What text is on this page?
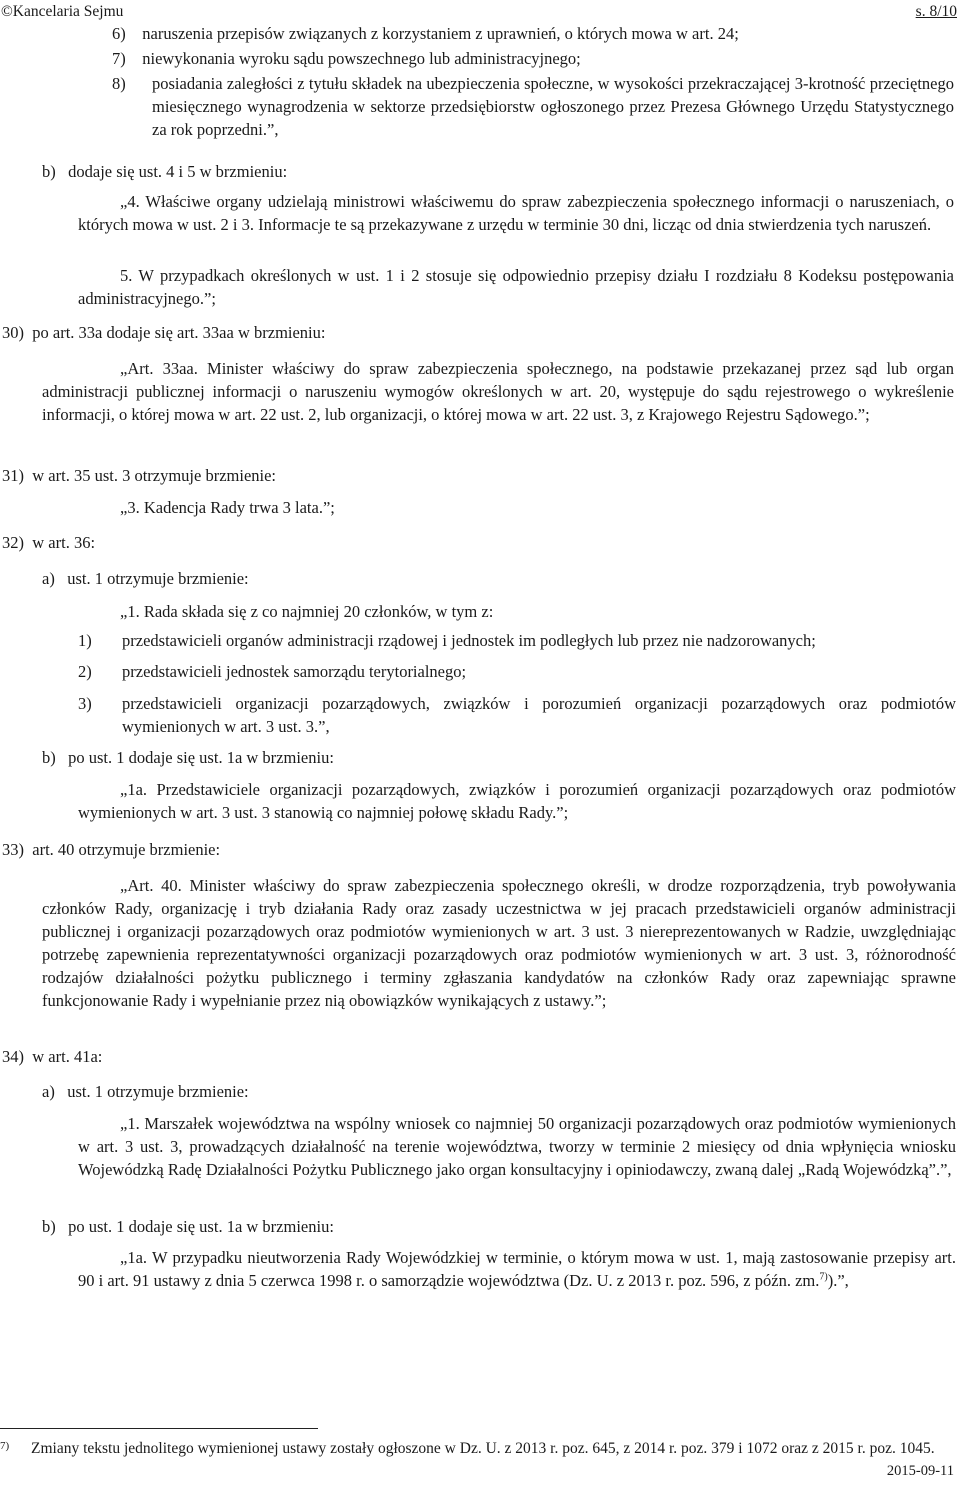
©Kancelaria Sejmu	s. 8/10
6)    naruszenia przepisów związanych z korzystaniem z uprawnień, o których mowa w art. 24;
7)    niewykonania wyroku sądu powszechnego lub administracyjnego;
8) posiadania zaległości z tytułu składek na ubezpieczenia społeczne, w wysokości przekraczającej 3-krotność przeciętnego miesięcznego wynagrodzenia w sektorze przedsiębiorstw ogłoszonego przez Prezesa Głównego Urzędu Statystycznego za rok poprzedni.”,
b)   dodaje się ust. 4 i 5 w brzmieniu:
„4. Właściwe organy udzielają ministrowi właściwemu do spraw zabezpieczenia społecznego informacji o naruszeniach, o których mowa w ust. 2 i 3. Informacje te są przekazywane z urzędu w terminie 30 dni, licząc od dnia stwierdzenia tych naruszeń.
5. W przypadkach określonych w ust. 1 i 2 stosuje się odpowiednio przepisy działu I rozdziału 8 Kodeksu postępowania administracyjnego.”;
30)  po art. 33a dodaje się art. 33aa w brzmieniu:
„Art. 33aa. Minister właściwy do spraw zabezpieczenia społecznego, na podstawie przekazanej przez sąd lub organ administracji publicznej informacji o naruszeniu wymogów określonych w art. 20, występuje do sądu rejestrowego o wykreślenie informacji, o której mowa w art. 22 ust. 2, lub organizacji, o której mowa w art. 22 ust. 3, z Krajowego Rejestru Sądowego.”;
31)  w art. 35 ust. 3 otrzymuje brzmienie:
„3. Kadencja Rady trwa 3 lata.”;
32)  w art. 36:
a)   ust. 1 otrzymuje brzmienie:
„1. Rada składa się z co najmniej 20 członków, w tym z:
1) przedstawicieli organów administracji rządowej i jednostek im podległych lub przez nie nadzorowanych;
2) przedstawicieli jednostek samorządu terytorialnego;
3) przedstawicieli organizacji pozarządowych, związków i porozumień organizacji pozarządowych oraz podmiotów wymienionych w art. 3 ust. 3.”,
b)   po ust. 1 dodaje się ust. 1a w brzmieniu:
„1a. Przedstawiciele organizacji pozarządowych, związków i porozumień organizacji pozarządowych oraz podmiotów wymienionych w art. 3 ust. 3 stanowią co najmniej połowę składu Rady.”;
33)  art. 40 otrzymuje brzmienie:
„Art. 40. Minister właściwy do spraw zabezpieczenia społecznego określi, w drodze rozporządzenia, tryb powoływania członków Rady, organizację i tryb działania Rady oraz zasady uczestnictwa w jej pracach przedstawicieli organów administracji publicznej i organizacji pozarządowych oraz podmiotów wymienionych w art. 3 ust. 3 niereprezentowanych w Radzie, uwzględniając potrzebę zapewnienia reprezentatywności organizacji pozarządowych oraz podmiotów wymienionych w art. 3 ust. 3, różnorodność rodzajów działalności pożytku publicznego i terminy zgłaszania kandydatów na członków Rady oraz zapewniając sprawne funkcjonowanie Rady i wypełnianie przez nią obowiązków wynikających z ustawy.”;
34)  w art. 41a:
a)   ust. 1 otrzymuje brzmienie:
„1. Marszałek województwa na wspólny wniosek co najmniej 50 organizacji pozarządowych oraz podmiotów wymienionych w art. 3 ust. 3, prowadzących działalność na terenie województwa, tworzy w terminie 2 miesięcy od dnia wpłynięcia wniosku Wojewódzką Radę Działalności Pożytku Publicznego jako organ konsultacyjny i opiniodawczy, zwaną dalej „Radą Wojewódzką”.”,
b)   po ust. 1 dodaje się ust. 1a w brzmieniu:
„1a. W przypadku nieutworzenia Rady Wojewódzkiej w terminie, o którym mowa w ust. 1, mają zastosowanie przepisy art. 90 i art. 91 ustawy z dnia 5 czerwca 1998 r. o samorządzie województwa (Dz. U. z 2013 r. poz. 596, z późn. zm.$^{7)}$).”,
7) Zmiany tekstu jednolitego wymienionej ustawy zostały ogłoszone w Dz. U. z 2013 r. poz. 645, z 2014 r. poz. 379 i 1072 oraz z 2015 r. poz. 1045.
2015-09-11
